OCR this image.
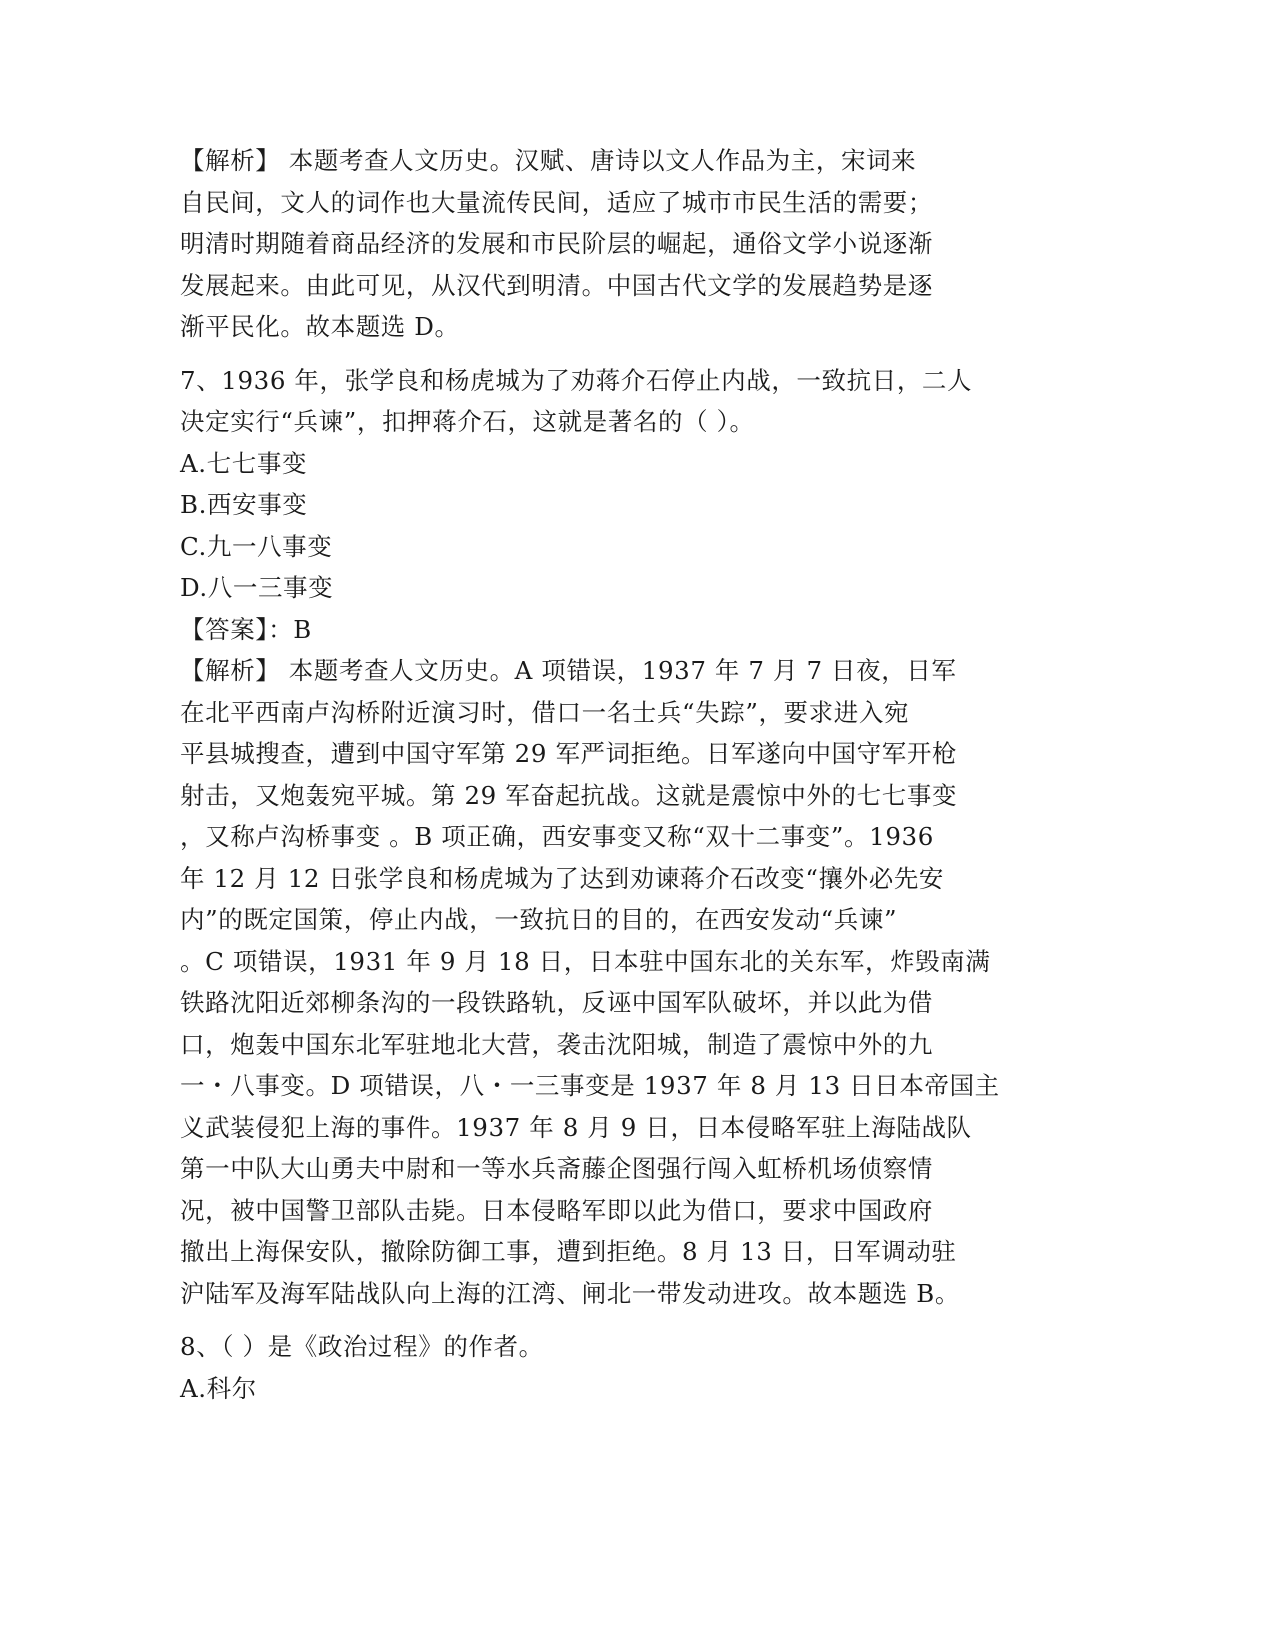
【解析】 本题考查人文历史。汉赋、唐诗以文人作品为主，宋词来
自民间，文人的词作也大量流传民间，适应了城市市民生活的需要；
明清时期随着商品经济的发展和市民阶层的崛起，通俗文学小说逐渐
发展起来。由此可见，从汉代到明清。中国古代文学的发展趋势是逐
渐平民化。故本题选 D。
7、1936 年，张学良和杨虎城为了劝蒋介石停止内战，一致抗日，二人
决定实行“兵谏”，扣押蒋介石，这就是著名的（ ）。
A.七七事变
B.西安事变
C.九一八事变
D.八一三事变
【答案】：B
【解析】 本题考查人文历史。A 项错误，1937 年 7 月 7 日夜，日军
在北平西南卢沟桥附近演习时，借口一名士兵“失踪”，要求进入宛
平县城搜查，遭到中国守军第 29 军严词拒绝。日军遂向中国守军开枪
射击，又炮轰宛平城。第 29 军奋起抗战。这就是震惊中外的七七事变
，又称卢沟桥事变 。B 项正确，西安事变又称“双十二事变”。1936
年 12 月 12 日张学良和杨虎城为了达到劝谏蒋介石改变“攘外必先安
内”的既定国策，停止内战，一致抗日的目的，在西安发动“兵谏”
。C 项错误，1931 年 9 月 18 日，日本驻中国东北的关东军，炸毁南满
铁路沈阳近郊柳条沟的一段铁路轨，反诬中国军队破坏，并以此为借
口，炮轰中国东北军驻地北大营，袭击沈阳城，制造了震惊中外的九
一・八事变。D 项错误，八・一三事变是 1937 年 8 月 13 日日本帝国主
义武装侵犯上海的事件。1937 年 8 月 9 日，日本侵略军驻上海陆战队
第一中队大山勇夫中尉和一等水兵斋藤企图强行闯入虹桥机场侦察情
况，被中国警卫部队击毙。日本侵略军即以此为借口，要求中国政府
撤出上海保安队，撤除防御工事，遭到拒绝。8 月 13 日，日军调动驻
沪陆军及海军陆战队向上海的江湾、闸北一带发动进攻。故本题选 B。
8、（ ）是《政治过程》的作者。
A.科尔
